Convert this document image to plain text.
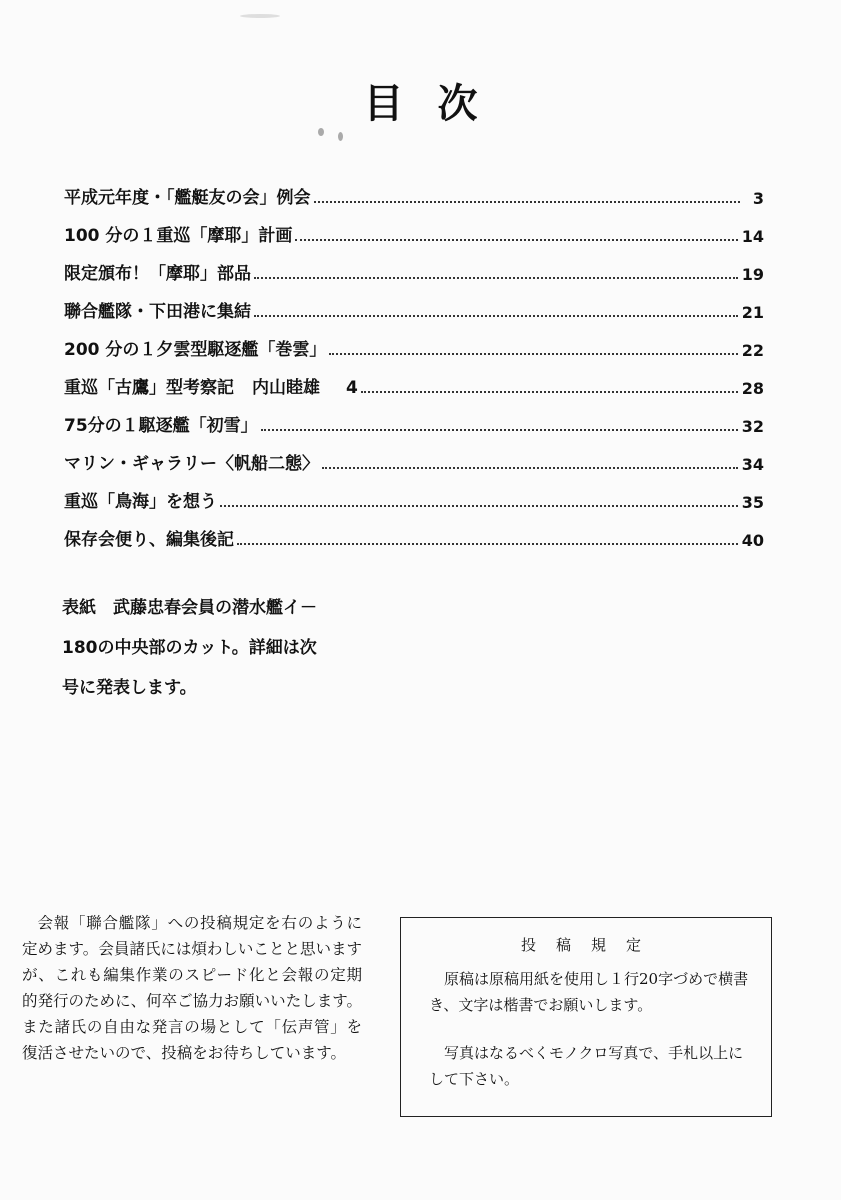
目次
平成元年度・「艦艇友の会」例会	3
100 分の１重巡「摩耶」計画	14
限定頒布！「摩耶」部品	19
聯合艦隊・下田港に集結	21
200 分の１夕雲型駆逐艦「巻雲」	22
重巡「古鷹」型考察記 内山睦雄 4	28
75分の１駆逐艦「初雪」	32
マリン・ギャラリー〈帆船二態〉	34
重巡「鳥海」を想う	35
保存会便り、編集後記	40
表紙　武藤忠春会員の潜水艦イ－
180の中央部のカット。詳細は次
号に発表します。
会報「聯合艦隊」への投稿規定を右のように定めます。会員諸氏には煩わしいことと思いますが、これも編集作業のスピード化と会報の定期的発行のために、何卒ご協力お願いいたします。また諸氏の自由な発言の場として「伝声管」を復活させたいので、投稿をお待ちしています。
投稿規定

原稿は原稿用紙を使用し１行20字づめで横書き、文字は楷書でお願いします。

写真はなるべくモノクロ写真で、手札以上にして下さい。
